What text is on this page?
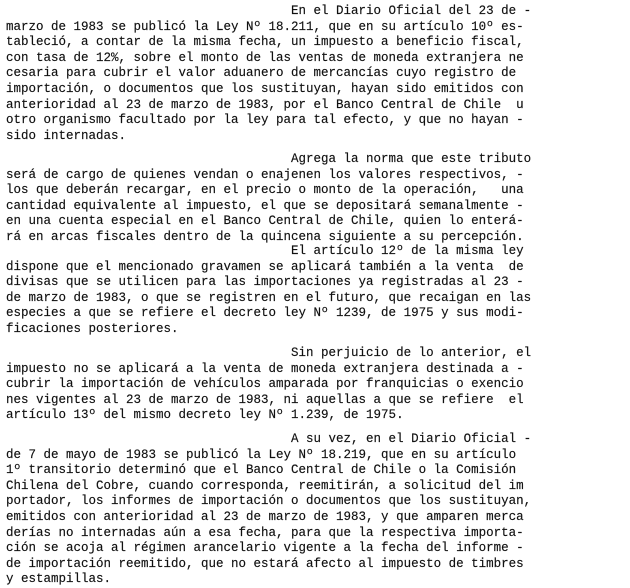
En el Diario Oficial del 23 de -
marzo de 1983 se publicó la Ley Nº 18.211, que en su artículo 10º es-
tableció, a contar de la misma fecha, un impuesto a beneficio fiscal,
con tasa de 12%, sobre el monto de las ventas de moneda extranjera ne
cesaria para cubrir el valor aduanero de mercancías cuyo registro de
importación, o documentos que los sustituyan, hayan sido emitidos con
anterioridad al 23 de marzo de 1983, por el Banco Central de Chile  u
otro organismo facultado por la ley para tal efecto, y que no hayan -
sido internadas.
Agrega la norma que este tributo
será de cargo de quienes vendan o enajenen los valores respectivos, -
los que deberán recargar, en el precio o monto de la operación,   una
cantidad equivalente al impuesto, el que se depositará semanalmente -
en una cuenta especial en el Banco Central de Chile, quien lo enterá-
rá en arcas fiscales dentro de la quincena siguiente a su percepción.
El artículo 12º de la misma ley
dispone que el mencionado gravamen se aplicará también a la venta  de
divisas que se utilicen para las importaciones ya registradas al 23 -
de marzo de 1983, o que se registren en el futuro, que recaigan en las
especies a que se refiere el decreto ley Nº 1239, de 1975 y sus modi-
ficaciones posteriores.
Sin perjuicio de lo anterior, el
impuesto no se aplicará a la venta de moneda extranjera destinada a -
cubrir la importación de vehículos amparada por franquicias o exencio
nes vigentes al 23 de marzo de 1983, ni aquellas a que se refiere  el
artículo 13º del mismo decreto ley Nº 1.239, de 1975.
A su vez, en el Diario Oficial -
de 7 de mayo de 1983 se publicó la Ley Nº 18.219, que en su artículo
1º transitorio determinó que el Banco Central de Chile o la Comisión
Chilena del Cobre, cuando corresponda, reemitirán, a solicitud del im
portador, los informes de importación o documentos que los sustituyan,
emitidos con anterioridad al 23 de marzo de 1983, y que amparen merca
derías no internadas aún a esa fecha, para que la respectiva importa-
ción se acoja al régimen arancelario vigente a la fecha del informe -
de importación reemitido, que no estará afecto al impuesto de timbres
y estampillas.
